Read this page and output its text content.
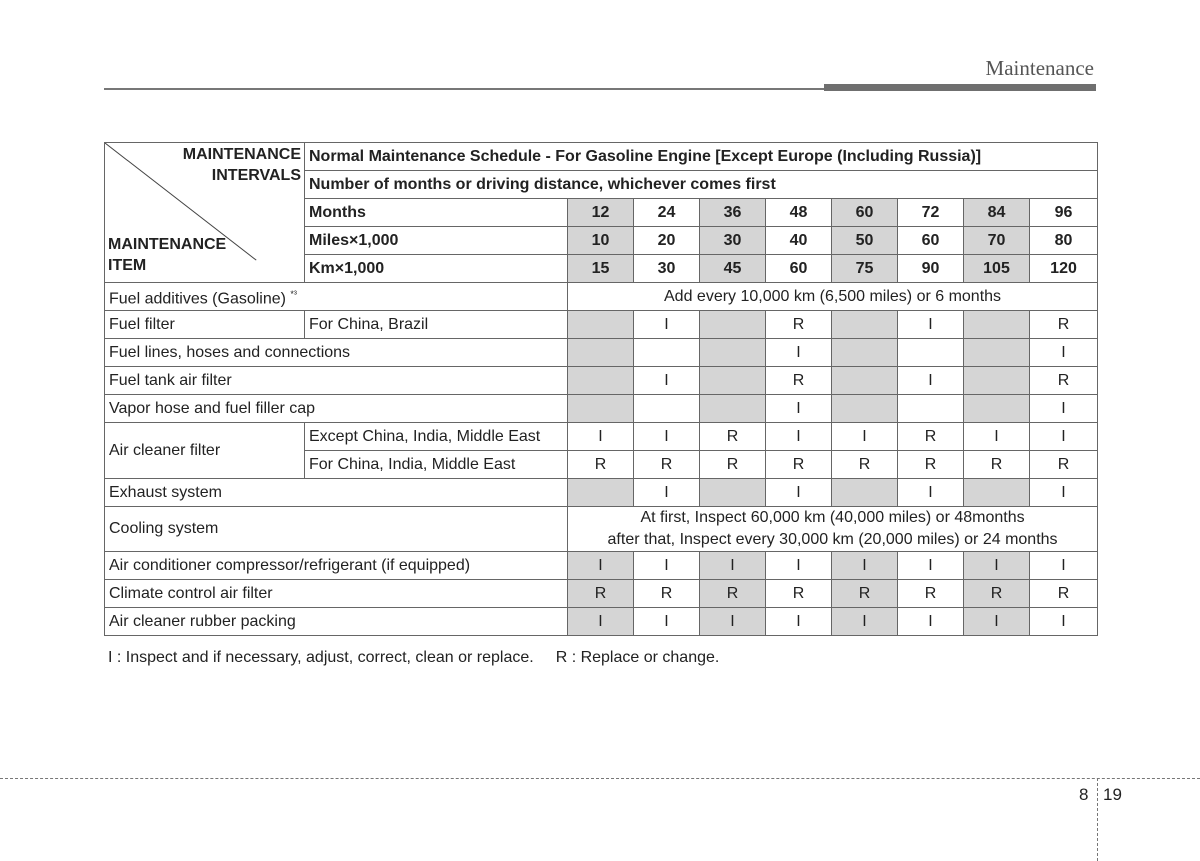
Maintenance
MAINTENANCE
INTERVALS
MAINTENANCE
ITEM	Normal Maintenance Schedule - For Gasoline Engine [Except Europe (Including Russia)]								
	Number of months or driving distance, whichever comes first								
	Months	12	24	36	48	60	72	84	96
	Miles×1,000	10	20	30	40	50	60	70	80
	Km×1,000	15	30	45	60	75	90	105	120
Fuel additives (Gasoline) $^{*^3}$		Add every 10,000 km (6,500 miles) or 6 months							
Fuel filter	For China, Brazil		I		R		I		R
Fuel lines, hoses and connections					I				I
Fuel tank air filter			I		R		I		R
Vapor hose and fuel filler cap					I				I
Air cleaner filter	Except China, India, Middle East	I	I	R	I	I	R	I	I
	For China, India, Middle East	R	R	R	R	R	R	R	R
Exhaust system			I		I		I		I
Cooling system		At first, Inspect 60,000 km (40,000 miles) or 48months
after that, Inspect every 30,000 km (20,000 miles) or 24 months							
Air conditioner compressor/refrigerant (if equipped)		I	I	I	I	I	I	I	I
Climate control air filter		R	R	R	R	R	R	R	R
Air cleaner rubber packing		I	I	I	I	I	I	I	I
I : Inspect and if necessary, adjust, correct, clean or replace. R : Replace or change.
8 19
